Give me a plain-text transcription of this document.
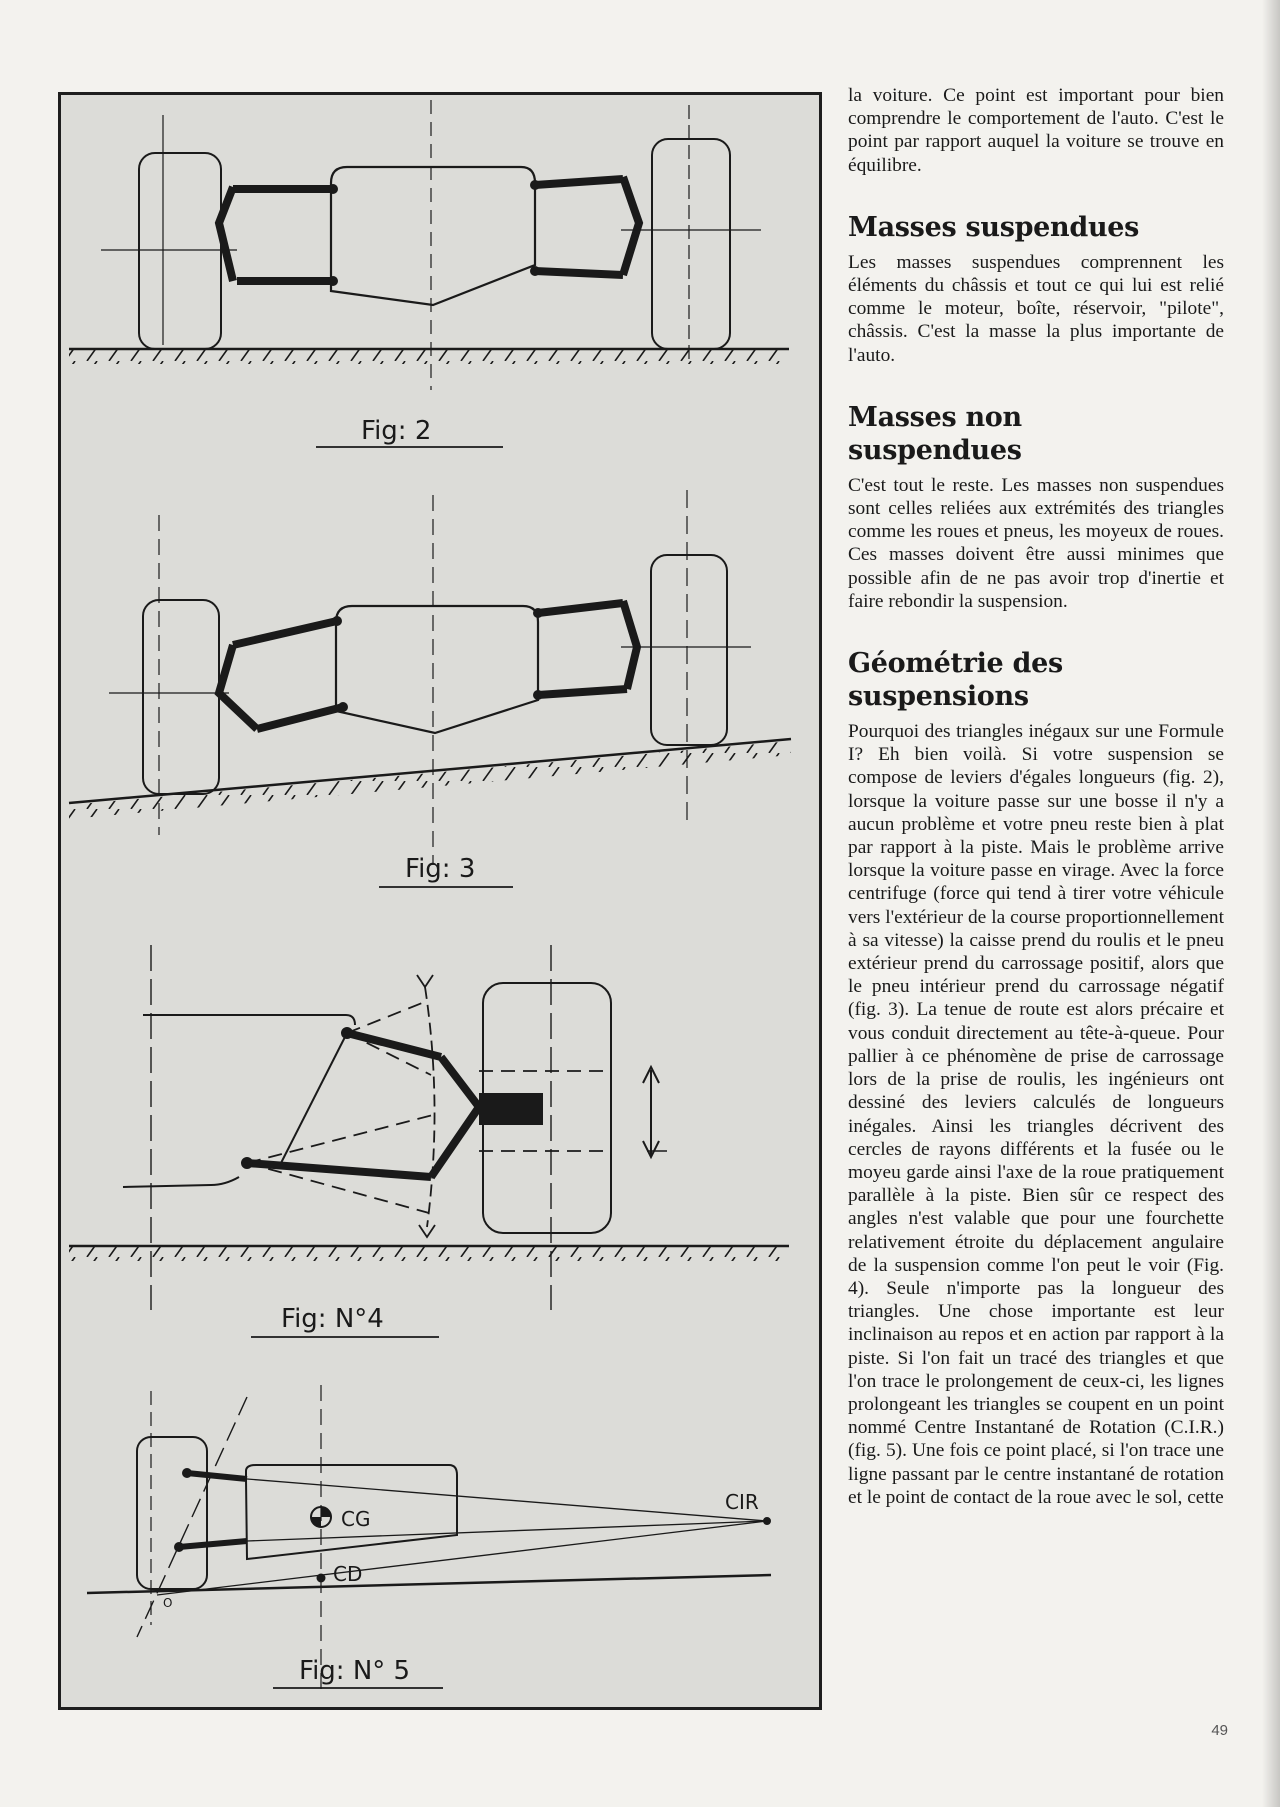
Fig: 2
Fig: 3
Fig: N°4
CG
CD
CIR
O
Fig: N° 5

la voiture. Ce point est important pour bien comprendre le comportement de l'auto. C'est le point par rapport auquel la voiture se trouve en équilibre.

Masses suspendues

Les masses suspendues comprennent les éléments du châssis et tout ce qui lui est relié comme le moteur, boîte, réservoir, "pilote", châssis. C'est la masse la plus importante de l'auto.

Masses non suspendues

C'est tout le reste. Les masses non suspendues sont celles reliées aux extrémités des triangles comme les roues et pneus, les moyeux de roues. Ces masses doivent être aussi minimes que possible afin de ne pas avoir trop d'inertie et faire rebondir la suspension.

Géométrie des suspensions

Pourquoi des triangles inégaux sur une Formule I? Eh bien voilà. Si votre suspension se compose de leviers d'égales longueurs (fig. 2), lorsque la voiture passe sur une bosse il n'y a aucun problème et votre pneu reste bien à plat par rapport à la piste. Mais le problème arrive lorsque la voiture passe en virage. Avec la force centrifuge (force qui tend à tirer votre véhicule vers l'extérieur de la course proportionnellement à sa vitesse) la caisse prend du roulis et le pneu extérieur prend du carrossage positif, alors que le pneu intérieur prend du carrossage négatif (fig. 3). La tenue de route est alors précaire et vous conduit directement au tête-à-queue. Pour pallier à ce phénomène de prise de carrossage lors de la prise de roulis, les ingénieurs ont dessiné des leviers calculés de longueurs inégales. Ainsi les triangles décrivent des cercles de rayons différents et la fusée ou le moyeu garde ainsi l'axe de la roue pratiquement parallèle à la piste. Bien sûr ce respect des angles n'est valable que pour une fourchette relativement étroite du déplacement angulaire de la suspension comme l'on peut le voir (Fig. 4). Seule n'importe pas la longueur des triangles. Une chose importante est leur inclinaison au repos et en action par rapport à la piste. Si l'on fait un tracé des triangles et que l'on trace le prolongement de ceux-ci, les lignes prolongeant les triangles se coupent en un point nommé Centre Instantané de Rotation (C.I.R.) (fig. 5). Une fois ce point placé, si l'on trace une ligne passant par le centre instantané de rotation et le point de contact de la roue avec le sol, cette

49
